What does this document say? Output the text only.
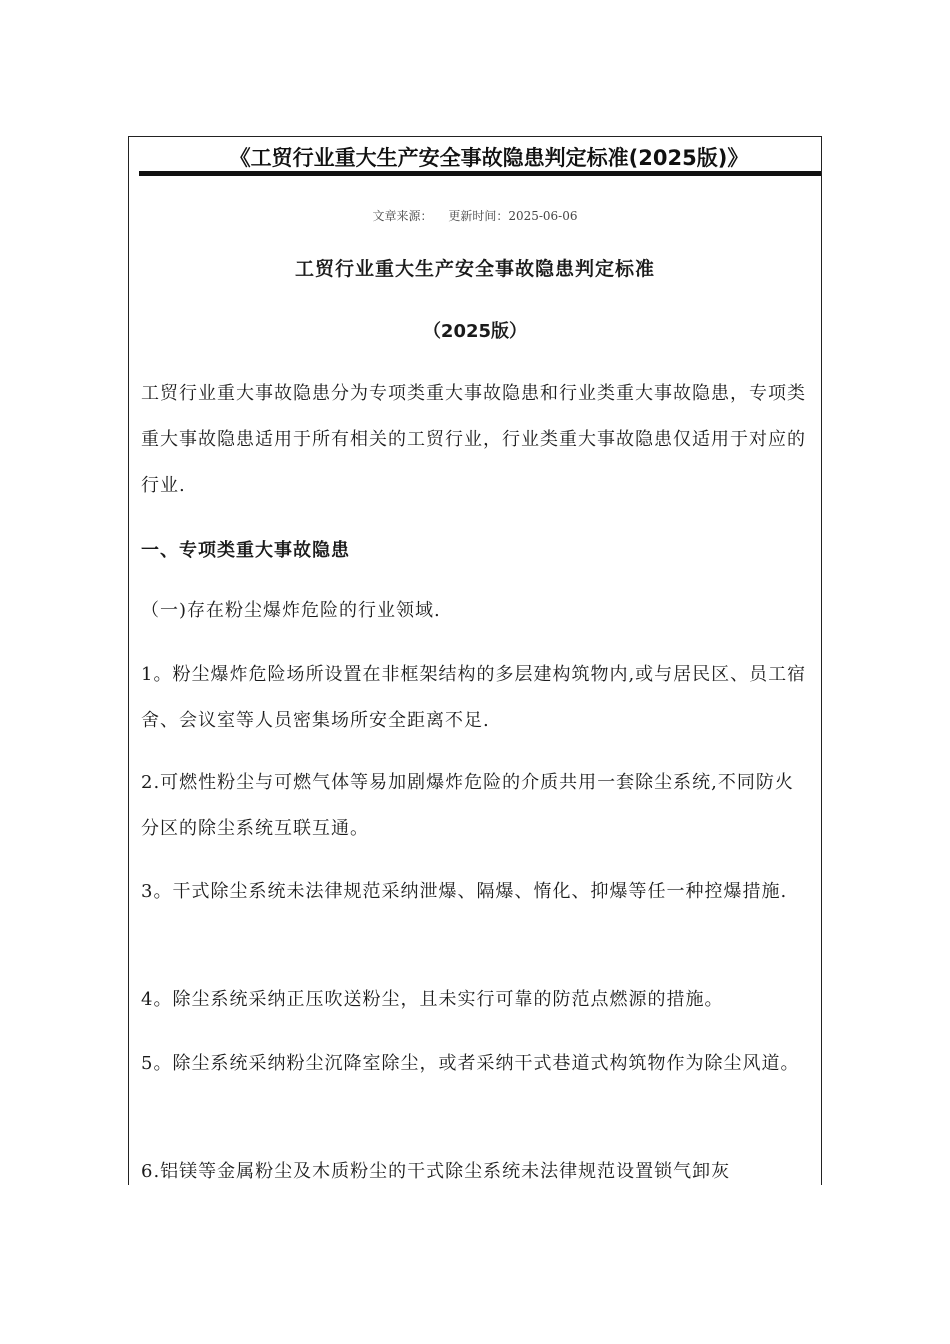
《工贸行业重大生产安全事故隐患判定标准(2025版)》
文章来源： 更新时间：2025-06-06
工贸行业重大生产安全事故隐患判定标准
（2025版）

工贸行业重大事故隐患分为专项类重大事故隐患和行业类重大事故隐患，专项类重大事故隐患适用于所有相关的工贸行业，行业类重大事故隐患仅适用于对应的行业.

一、专项类重大事故隐患

（一)存在粉尘爆炸危险的行业领域.

1。粉尘爆炸危险场所设置在非框架结构的多层建构筑物内,或与居民区、员工宿舍、会议室等人员密集场所安全距离不足.

2.可燃性粉尘与可燃气体等易加剧爆炸危险的介质共用一套除尘系统,不同防火分区的除尘系统互联互通。

3。干式除尘系统未法律规范采纳泄爆、隔爆、惰化、抑爆等任一种控爆措施.

4。除尘系统采纳正压吹送粉尘，且未实行可靠的防范点燃源的措施。

5。除尘系统采纳粉尘沉降室除尘，或者采纳干式巷道式构筑物作为除尘风道。

6.铝镁等金属粉尘及木质粉尘的干式除尘系统未法律规范设置锁气卸灰
